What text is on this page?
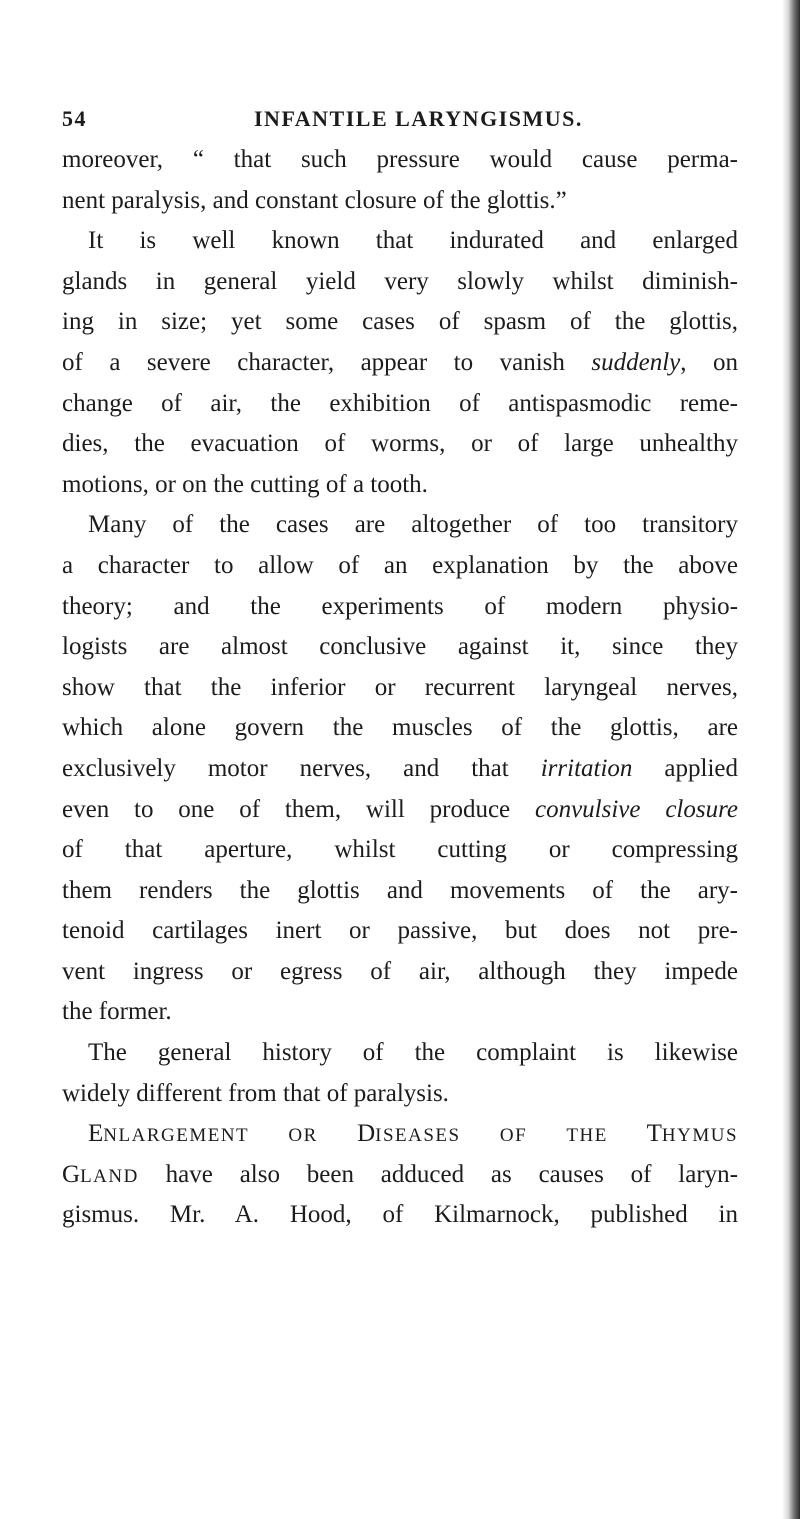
54	INFANTILE LARYNGISMUS.
moreover, “ that such pressure would cause perma-
nent paralysis, and constant closure of the glottis.”
It is well known that indurated and enlarged
glands in general yield very slowly whilst diminish-
ing in size; yet some cases of spasm of the glottis,
of a severe character, appear to vanish suddenly, on
change of air, the exhibition of antispasmodic reme-
dies, the evacuation of worms, or of large unhealthy
motions, or on the cutting of a tooth.
Many of the cases are altogether of too transitory
a character to allow of an explanation by the above
theory; and the experiments of modern physio-
logists are almost conclusive against it, since they
show that the inferior or recurrent laryngeal nerves,
which alone govern the muscles of the glottis, are
exclusively motor nerves, and that irritation applied
even to one of them, will produce convulsive closure
of that aperture, whilst cutting or compressing
them renders the glottis and movements of the ary-
tenoid cartilages inert or passive, but does not pre-
vent ingress or egress of air, although they impede
the former.
The general history of the complaint is likewise
widely different from that of paralysis.
ENLARGEMENT OR DISEASES OF THE THYMUS
GLAND have also been adduced as causes of laryn-
gismus. Mr. A. Hood, of Kilmarnock, published in
